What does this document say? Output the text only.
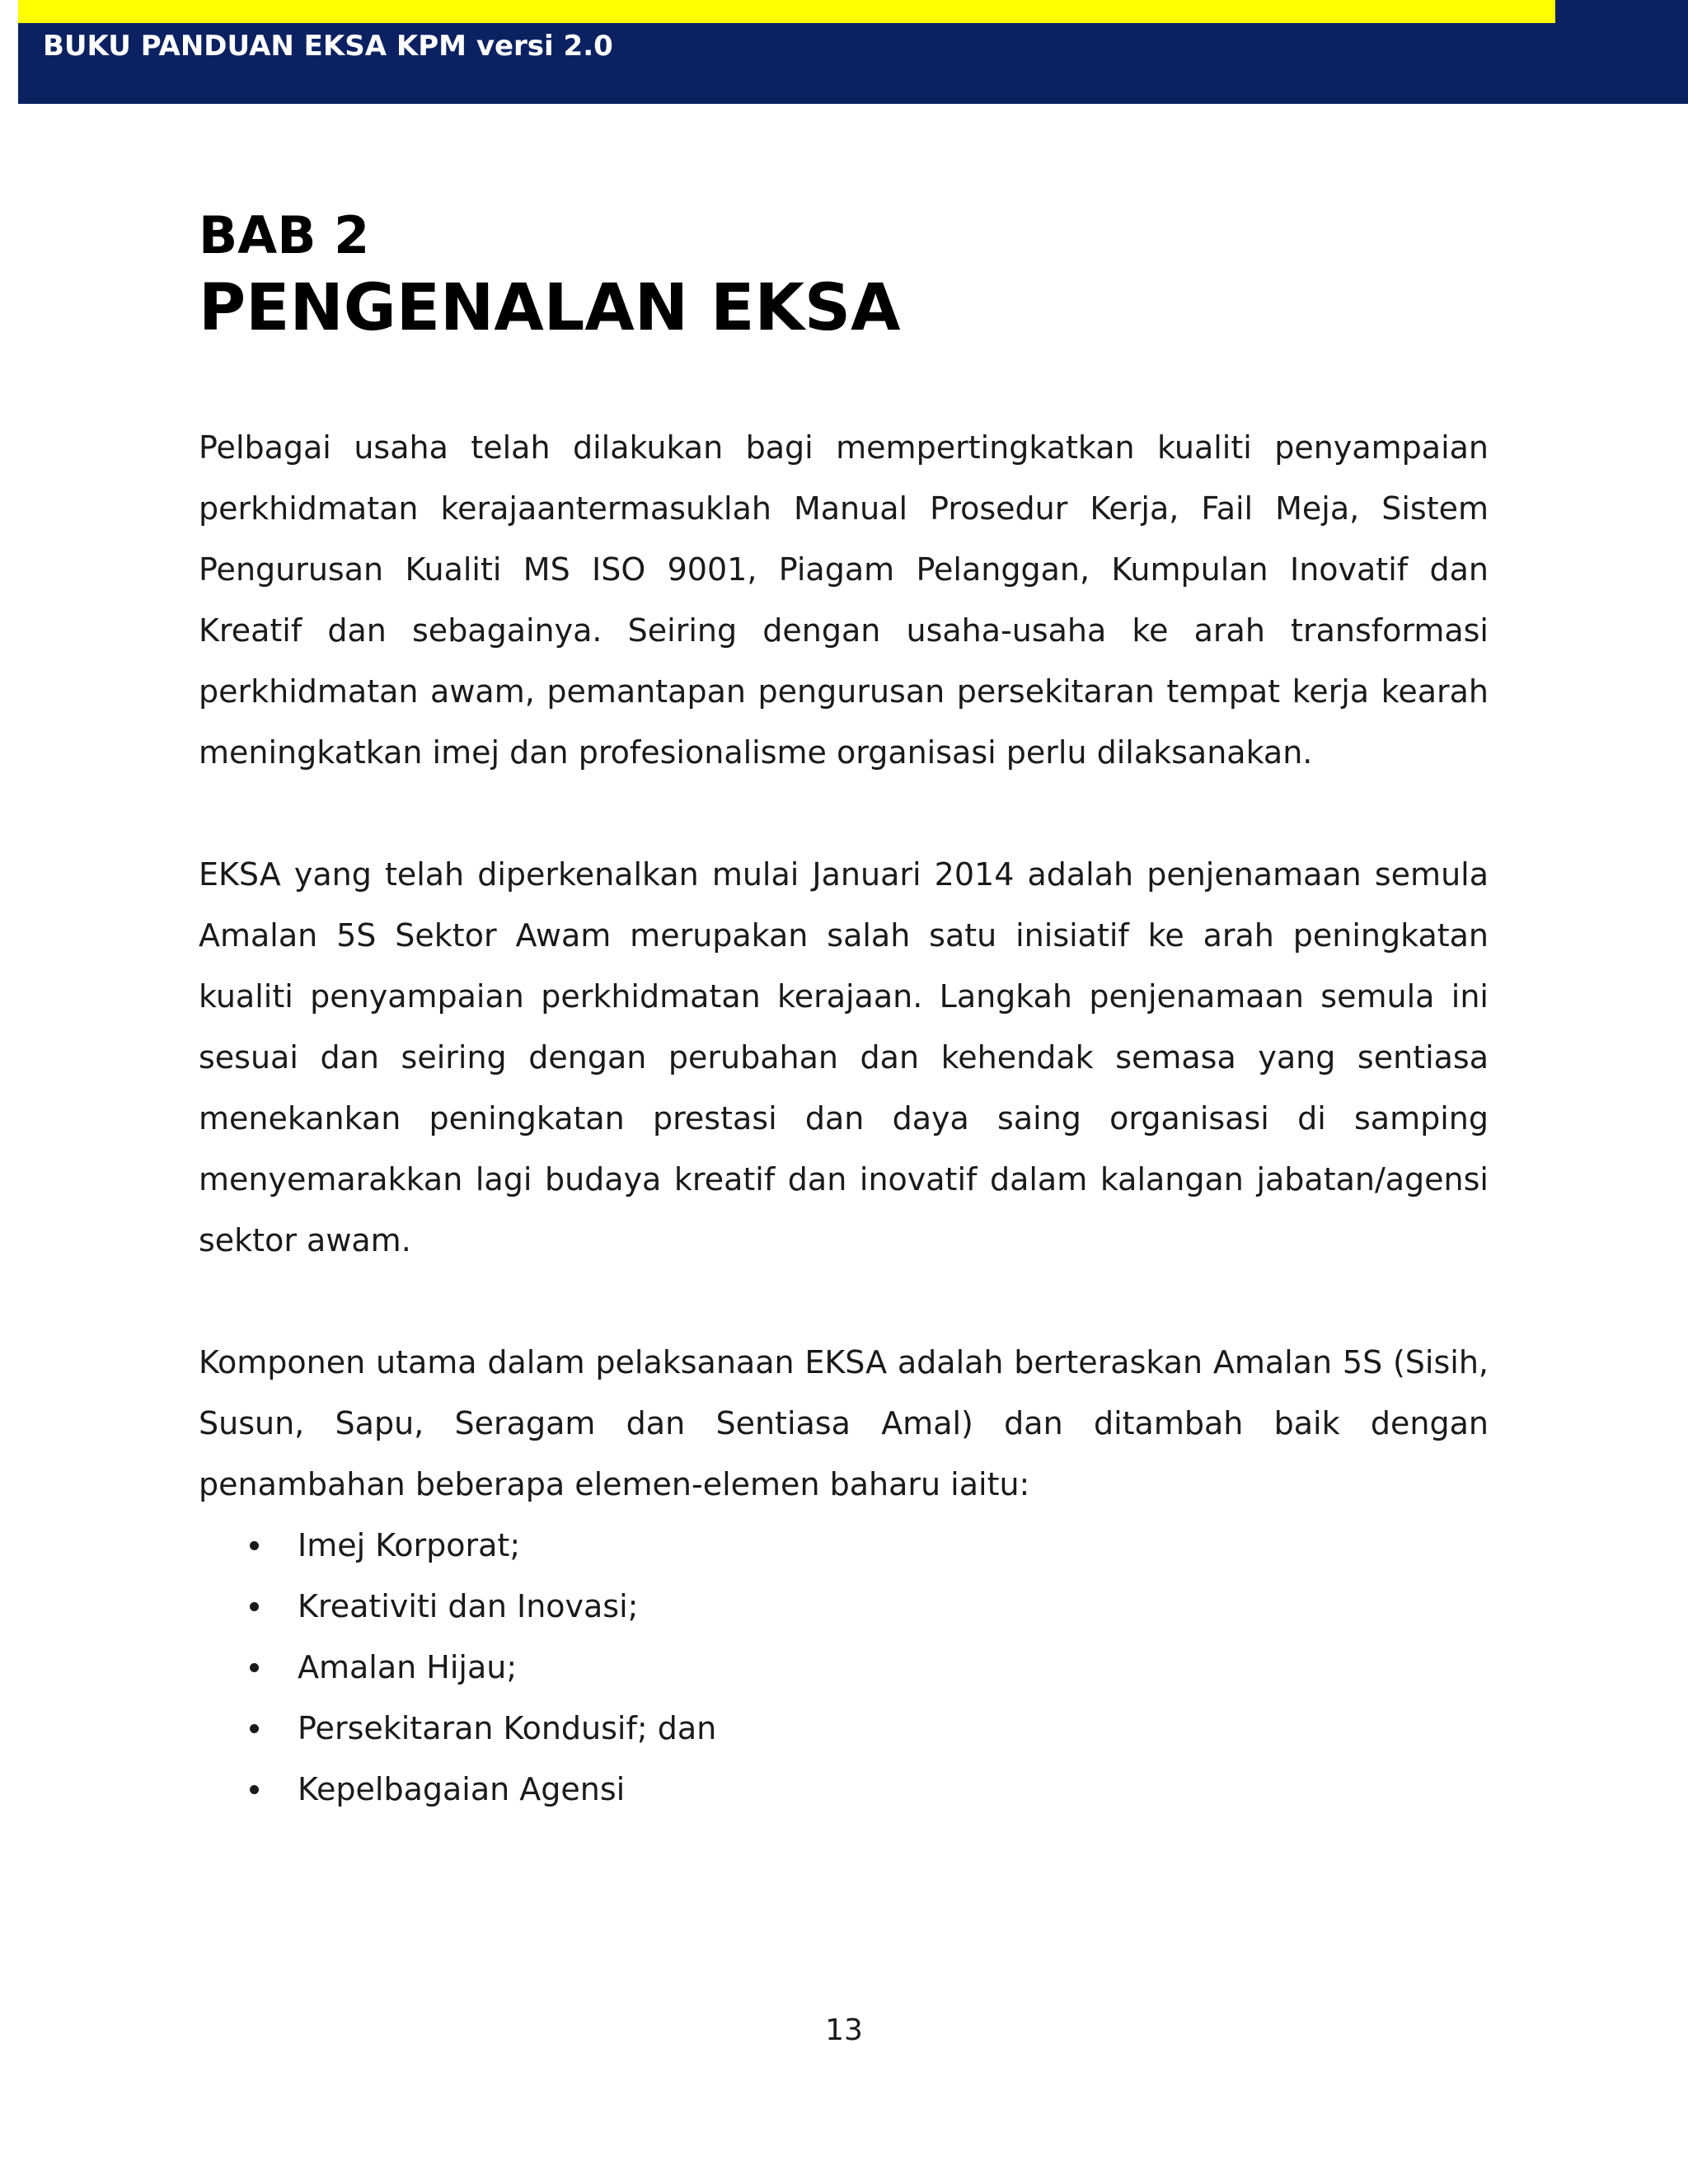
BUKU PANDUAN EKSA KPM versi 2.0
BAB 2
PENGENALAN EKSA

Pelbagai usaha telah dilakukan bagi mempertingkatkan kualiti penyampaian perkhidmatan kerajaantermasuklah Manual Prosedur Kerja, Fail Meja, Sistem Pengurusan Kualiti MS ISO 9001, Piagam Pelanggan, Kumpulan Inovatif dan Kreatif dan sebagainya. Seiring dengan usaha-usaha ke arah transformasi perkhidmatan awam, pemantapan pengurusan persekitaran tempat kerja kearah meningkatkan imej dan profesionalisme organisasi perlu dilaksanakan.

EKSA yang telah diperkenalkan mulai Januari 2014 adalah penjenamaan semula Amalan 5S Sektor Awam merupakan salah satu inisiatif ke arah peningkatan kualiti penyampaian perkhidmatan kerajaan. Langkah penjenamaan semula ini sesuai dan seiring dengan perubahan dan kehendak semasa yang sentiasa menekankan peningkatan prestasi dan daya saing organisasi di samping menyemarakkan lagi budaya kreatif dan inovatif dalam kalangan jabatan/agensi sektor awam.

Komponen utama dalam pelaksanaan EKSA adalah berteraskan Amalan 5S (Sisih, Susun, Sapu, Seragam dan Sentiasa Amal) dan ditambah baik dengan penambahan beberapa elemen-elemen baharu iaitu:

Imej Korporat;
Kreativiti dan Inovasi;
Amalan Hijau;
Persekitaran Kondusif; dan
Kepelbagaian Agensi
13
